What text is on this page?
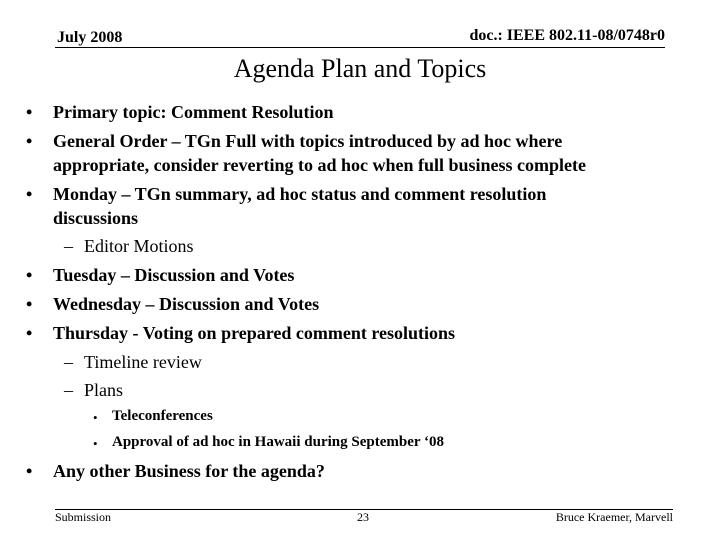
July 2008	doc.: IEEE 802.11-08/0748r0
Agenda Plan and Topics
• Primary topic: Comment Resolution
• General Order – TGn Full with topics introduced by ad hoc where
appropriate, consider reverting to ad hoc when full business complete
• Monday – TGn summary, ad hoc status and comment resolution
discussions
– Editor Motions
• Tuesday – Discussion and Votes
• Wednesday – Discussion and Votes
• Thursday - Voting on prepared comment resolutions
– Timeline review
– Plans
• Teleconferences
• Approval of ad hoc in Hawaii during September ‘08
• Any other Business for the agenda?
Submission	23	Bruce Kraemer, Marvell
